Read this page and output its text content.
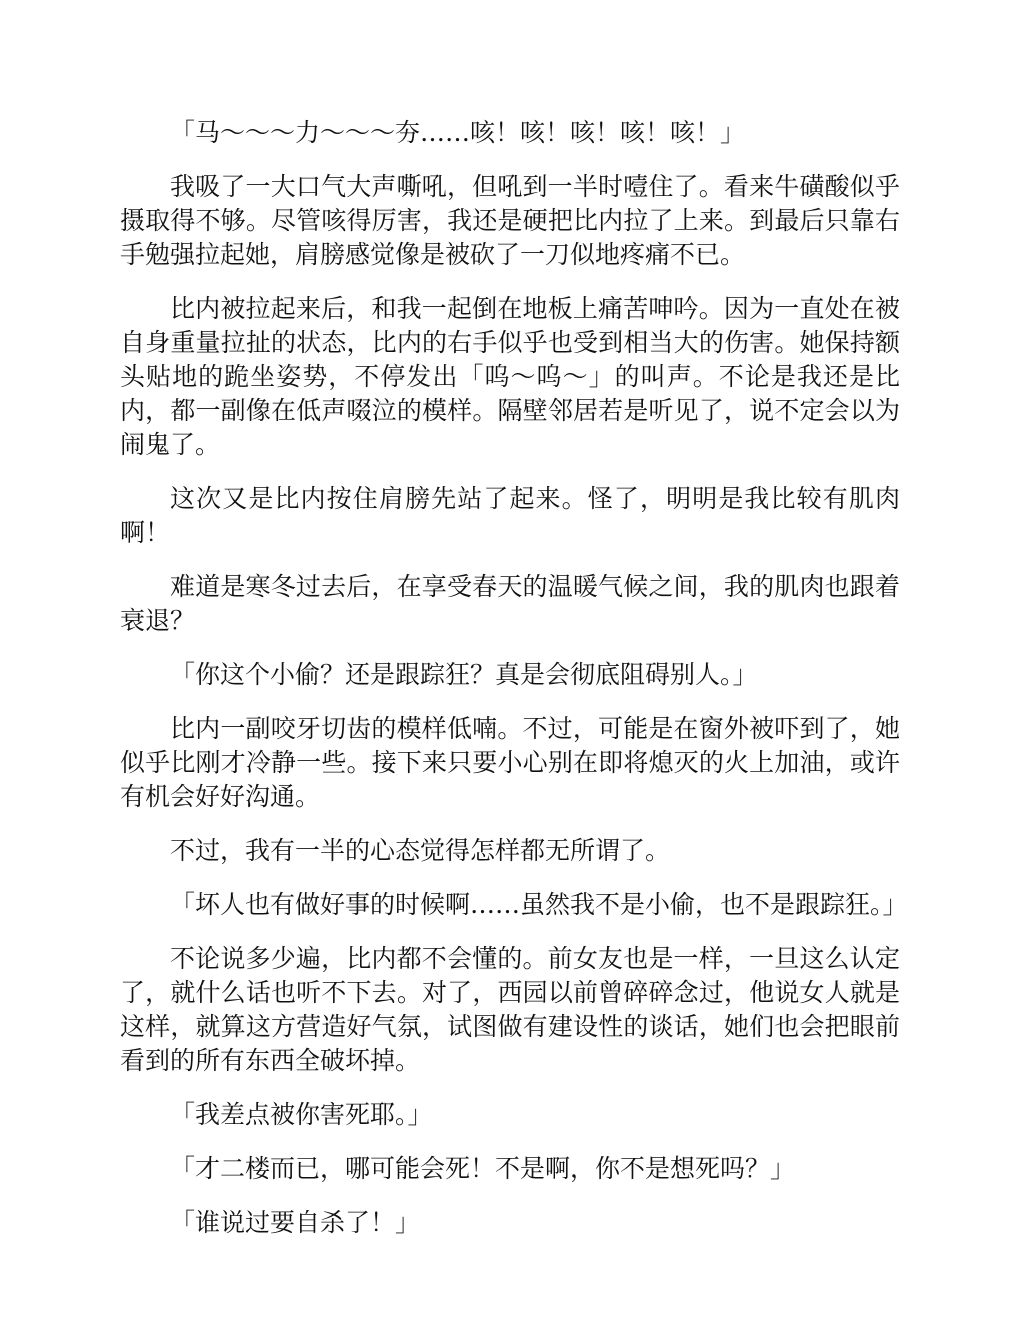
「马～～～力～～～夯……咳！咳！咳！咳！咳！」

我吸了一大口气大声嘶吼，但吼到一半时噎住了。看来牛磺酸似乎摄取得不够。尽管咳得厉害，我还是硬把比内拉了上来。到最后只靠右手勉强拉起她，肩膀感觉像是被砍了一刀似地疼痛不已。

比内被拉起来后，和我一起倒在地板上痛苦呻吟。因为一直处在被自身重量拉扯的状态，比内的右手似乎也受到相当大的伤害。她保持额头贴地的跪坐姿势，不停发出「呜～呜～」的叫声。不论是我还是比内，都一副像在低声啜泣的模样。隔壁邻居若是听见了，说不定会以为闹鬼了。

这次又是比内按住肩膀先站了起来。怪了，明明是我比较有肌肉啊！

难道是寒冬过去后，在享受春天的温暖气候之间，我的肌肉也跟着衰退？

「你这个小偷？还是跟踪狂？真是会彻底阻碍别人。」

比内一副咬牙切齿的模样低喃。不过，可能是在窗外被吓到了，她似乎比刚才冷静一些。接下来只要小心别在即将熄灭的火上加油，或许有机会好好沟通。

不过，我有一半的心态觉得怎样都无所谓了。

「坏人也有做好事的时候啊……虽然我不是小偷，也不是跟踪狂。」

不论说多少遍，比内都不会懂的。前女友也是一样，一旦这么认定了，就什么话也听不下去。对了，西园以前曾碎碎念过，他说女人就是这样，就算这方营造好气氛，试图做有建设性的谈话，她们也会把眼前看到的所有东西全破坏掉。

「我差点被你害死耶。」

「才二楼而已，哪可能会死！不是啊，你不是想死吗？」

「谁说过要自杀了！」
